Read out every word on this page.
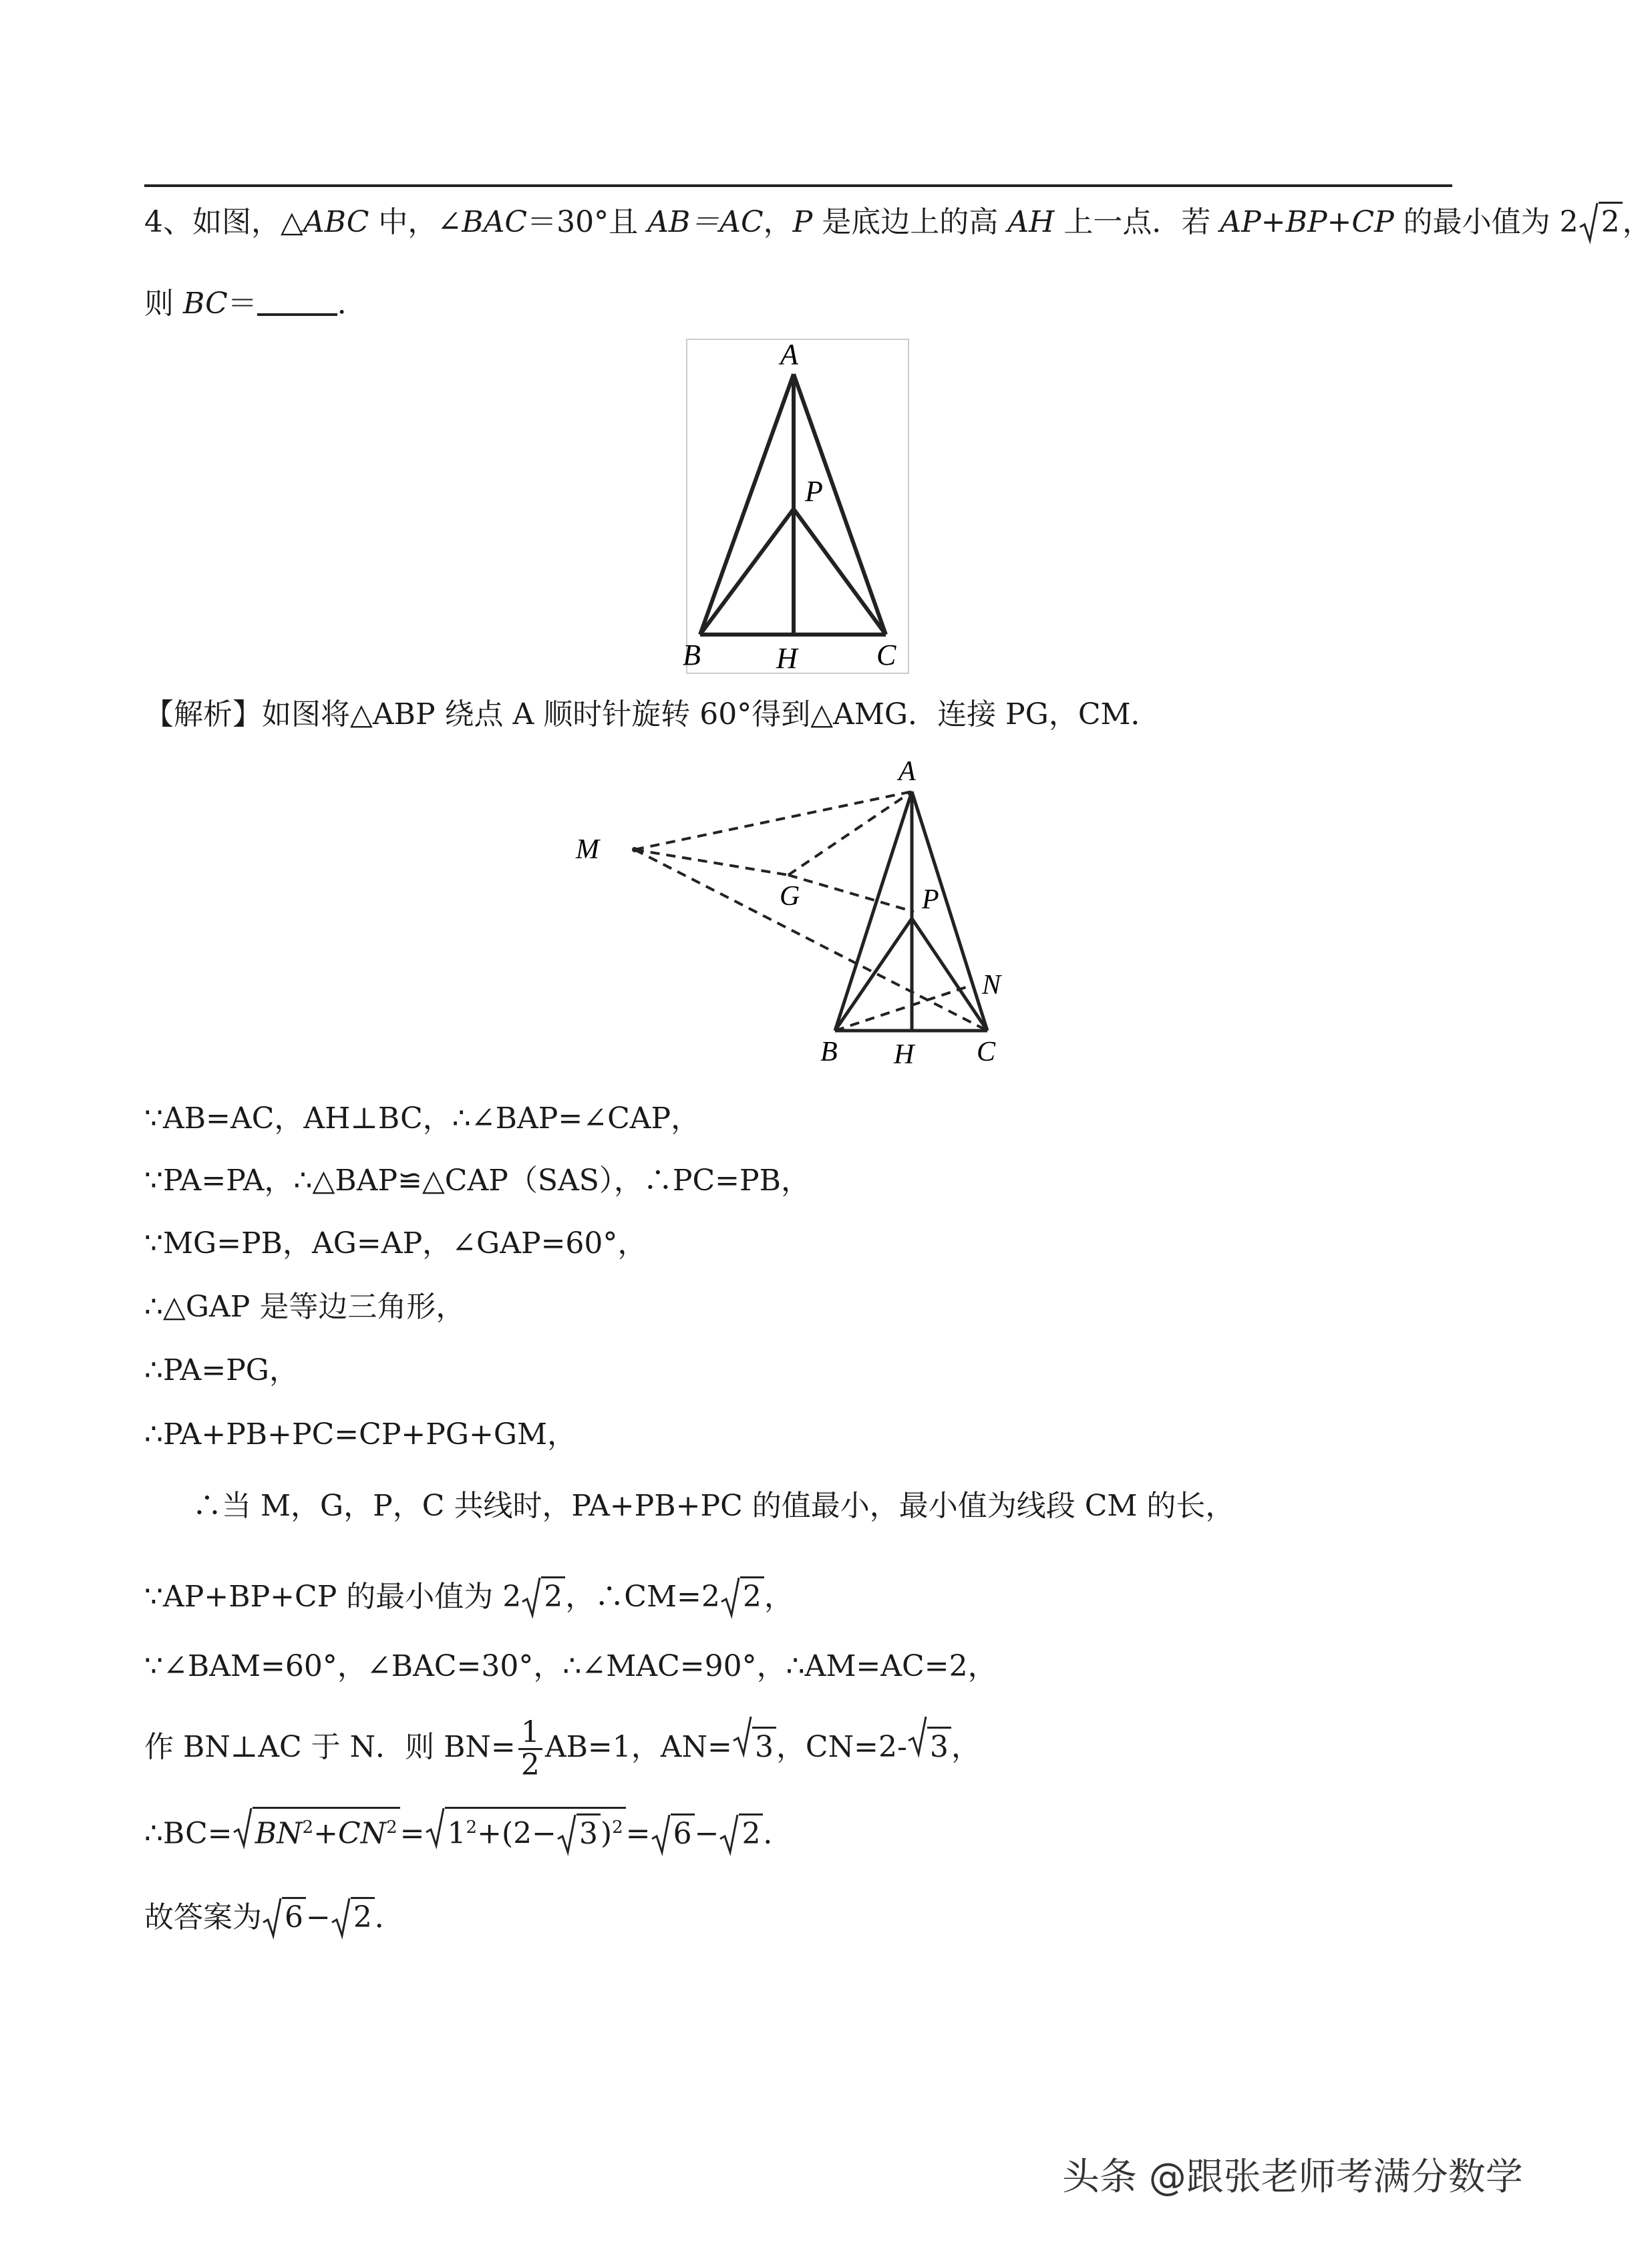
4、如图，△ABC 中，∠BAC＝30°且 AB＝AC，P 是底边上的高 AH 上一点．若 AP+BP+CP 的最小值为 2 2，
则 BC＝	．
A
P
B	H	C
【解析】如图将△ABP 绕点 A 顺时针旋转 60°得到△AMG．连接 PG，CM．
A
M
G	P
N
B H C
∵AB=AC，AH⊥BC，∴∠BAP=∠CAP，
∵PA=PA，∴△BAP≌△CAP（SAS），∴PC=PB，
∵MG=PB，AG=AP，∠GAP=60°，
∴△GAP 是等边三角形，
∴PA=PG，
∴PA+PB+PC=CP+PG+GM，
∴当 M，G，P，C 共线时，PA+PB+PC 的值最小，最小值为线段 CM 的长，
∵AP+BP+CP 的最小值为 2 2，∴CM=2 2，
∵∠BAM=60°，∠BAC=30°，∴∠MAC=90°，∴AM=AC=2，
作 BN⊥AC 于 N．则 $BN= \frac{1}{2} AB=1$，AN= 3，CN=2- 3，
∴BC= $BN^2+CN^2= 1^2+(2- 3)^2= 6- 2$．
故答案为 6− 2．
头条 @跟张老师考满分数学
